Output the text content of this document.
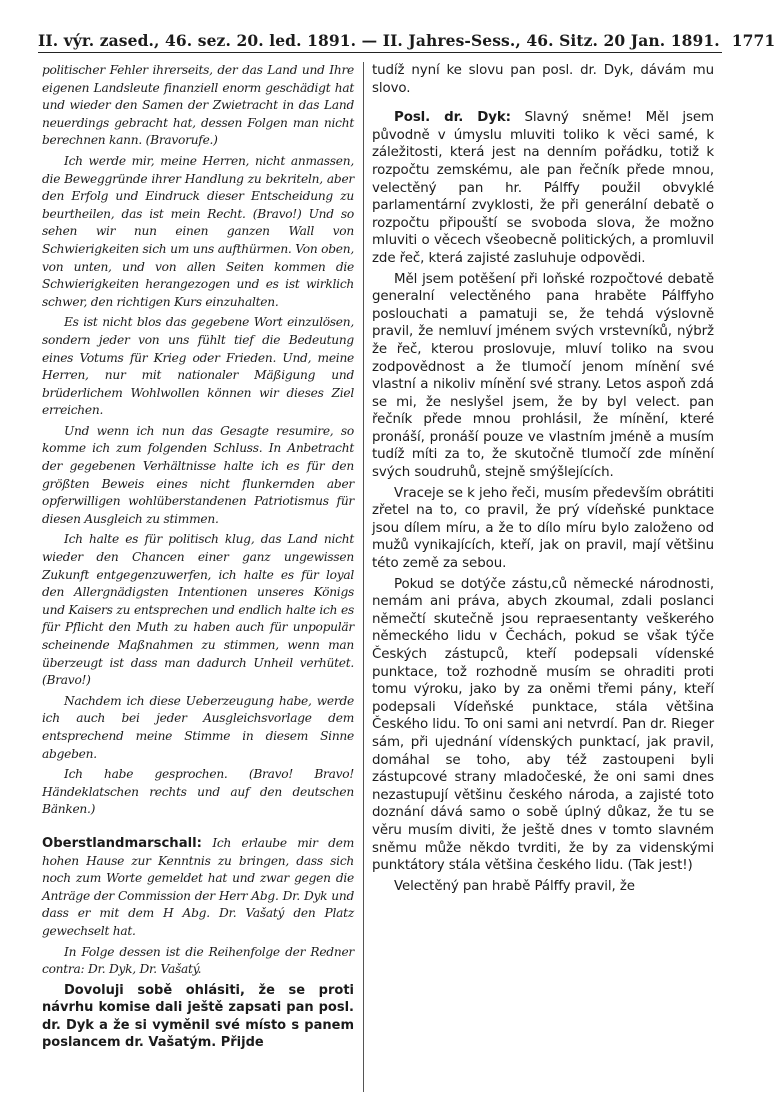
II. výr. zased., 46. sez. 20. led. 1891. — II. Jahres-Sess., 46. Sitz. 20 Jan. 1891. 1771

politischer Fehler ihrerseits, der das Land und Ihre eigenen Landsleute finanziell enorm geschädigt hat und wieder den Samen der Zwietracht in das Land neuerdings gebracht hat, dessen Folgen man nicht berechnen kann. (Bravorufe.)

Ich werde mir, meine Herren, nicht anmassen, die Beweggründe ihrer Handlung zu bekriteln, aber den Erfolg und Eindruck dieser Entscheidung zu beurtheilen, das ist mein Recht. (Bravo!) Und so sehen wir nun einen ganzen Wall von Schwierigkeiten sich um uns aufthürmen. Von oben, von unten, und von allen Seiten kommen die Schwierigkeiten herangezogen und es ist wirklich schwer, den richtigen Kurs einzuhalten.

Es ist nicht blos das gegebene Wort einzulösen, sondern jeder von uns fühlt tief die Bedeutung eines Votums für Krieg oder Frieden. Und, meine Herren, nur mit nationaler Mäßigung und brüderlichem Wohlwollen können wir dieses Ziel erreichen.

Und wenn ich nun das Gesagte resumire, so komme ich zum folgenden Schluss. In Anbetracht der gegebenen Verhältnisse halte ich es für den größten Beweis eines nicht flunkernden aber opferwilligen wohlüberstandenen Patriotismus für diesen Ausgleich zu stimmen.

Ich halte es für politisch klug, das Land nicht wieder den Chancen einer ganz ungewissen Zukunft entgegenzuwerfen, ich halte es für loyal den Allergnädigsten Intentionen unseres Königs und Kaisers zu entsprechen und endlich halte ich es für Pflicht den Muth zu haben auch für unpopulär scheinende Maßnahmen zu stimmen, wenn man überzeugt ist dass man dadurch Unheil verhütet. (Bravo!)

Nachdem ich diese Ueberzeugung habe, werde ich auch bei jeder Ausgleichsvorlage dem entsprechend meine Stimme in diesem Sinne abgeben.

Ich habe gesprochen. (Bravo! Bravo! Händeklatschen rechts und auf den deutschen Bänken.)

Oberstlandmarschall: Ich erlaube mir dem hohen Hause zur Kenntnis zu bringen, dass sich noch zum Worte gemeldet hat und zwar gegen die Anträge der Commission der Herr Abg. Dr. Dyk und dass er mit dem H Abg. Dr. Vašatý den Platz gewechselt hat.

In Folge dessen ist die Reihenfolge der Redner contra: Dr. Dyk, Dr. Vašatý.

Dovoluji sobě ohlásiti, že se proti návrhu komise dali ještě zapsati pan posl. dr. Dyk a že si vyměnil své místo s panem poslancem dr. Vašatým. Přijde

tudíž nyní ke slovu pan posl. dr. Dyk, dávám mu slovo.

Posl. dr. Dyk: Slavný sněme! Měl jsem původně v úmyslu mluviti toliko k věci samé, k záležitosti, která jest na denním pořádku, totiž k rozpočtu zemskému, ale pan řečník přede mnou, velectěný pan hr. Pálffy použil obvyklé parlamentární zvyklosti, že při generální debatě o rozpočtu připouští se svoboda slova, že možno mluviti o věcech všeobecně politických, a promluvil zde řeč, která zajisté zasluhuje odpovědi.

Měl jsem potěšení při loňské rozpočtové debatě generalní velectěného pana hraběte Pálffyho poslouchati a pamatuji se, že tehdá výslovně pravil, že nemluví jménem svých vrstevníků, nýbrž že řeč, kterou proslovuje, mluví toliko na svou zodpovědnost a že tlumočí jenom mínění své vlastní a nikoliv mínění své strany. Letos aspoň zdá se mi, že neslyšel jsem, že by byl velect. pan řečník přede mnou prohlásil, že mínění, které pronáší, pronáší pouze ve vlastním jméně a musím tudíž míti za to, že skutočně tlumočí zde mínění svých soudruhů, stejně smýšlejících.

Vraceje se k jeho řeči, musím především obrátiti zřetel na to, co pravil, že prý vídeňské punktace jsou dílem míru, a že to dílo míru bylo založeno od mužů vynikajících, kteří, jak on pravil, mají většinu této země za sebou.

Pokud se dotýče zástu,ců německé národnosti, nemám ani práva, abych zkoumal, zdali poslanci němečtí skutečně jsou repraesentanty veškerého německého lidu v Čechách, pokud se však týče Českých zástupců, kteří podepsali vídenské punktace, tož rozhodně musím se ohraditi proti tomu výroku, jako by za oněmi třemi pány, kteří podepsali Vídeňské punktace, stála většina Českého lidu. To oni sami ani netvrdí. Pan dr. Rieger sám, při ujednání vídenských punktací, jak pravil, domáhal se toho, aby též zastoupeni byli zástupcové strany mladočeské, že oni sami dnes nezastupují většinu českého národa, a zajisté toto doznání dává samo o sobě úplný důkaz, že tu se věru musím diviti, že ještě dnes v tomto slavném sněmu může někdo tvrditi, že by za videnskými punktátory stála většina českého lidu. (Tak jest!)

Velectěný pan hrabě Pálffy pravil, že
